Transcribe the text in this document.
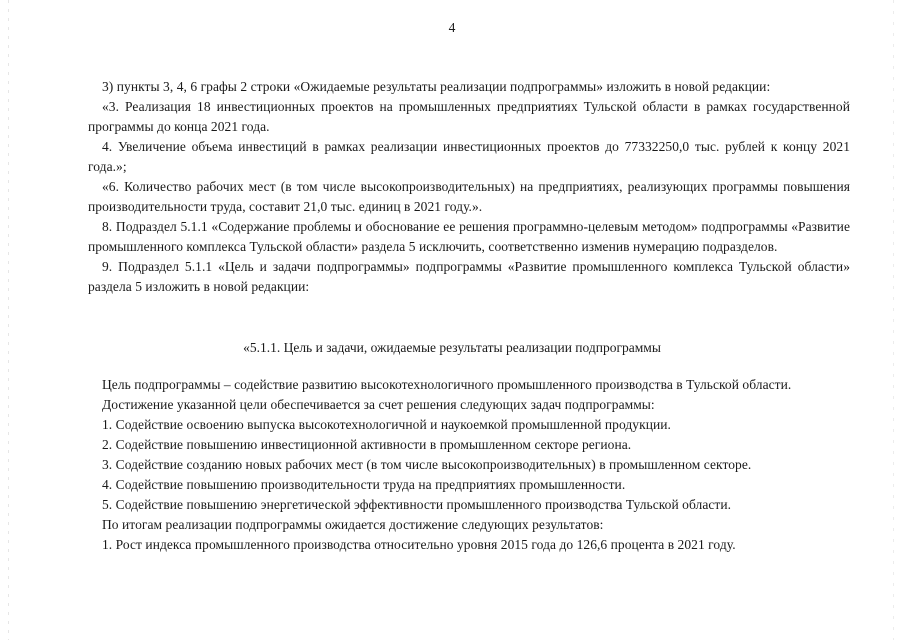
4

3) пункты 3, 4, 6 графы 2 строки «Ожидаемые результаты реализации подпрограммы» изложить в новой редакции:

«3. Реализация 18 инвестиционных проектов на промышленных предприятиях Тульской области в рамках государственной программы до конца 2021 года.

4. Увеличение объема инвестиций в рамках реализации инвестиционных проектов до 77332250,0 тыс. рублей к концу 2021 года.»;

«6. Количество рабочих мест (в том числе высокопроизводительных) на предприятиях, реализующих программы повышения производительности труда, составит 21,0 тыс. единиц в 2021 году.».

8. Подраздел 5.1.1 «Содержание проблемы и обоснование ее решения программно-целевым методом» подпрограммы «Развитие промышленного комплекса Тульской области» раздела 5 исключить, соответственно изменив нумерацию подразделов.

9. Подраздел 5.1.1 «Цель и задачи подпрограммы» подпрограммы «Развитие промышленного комплекса Тульской области» раздела 5 изложить в новой редакции:

«5.1.1. Цель и задачи, ожидаемые результаты реализации подпрограммы

Цель подпрограммы – содействие развитию высокотехнологичного промышленного производства в Тульской области.

Достижение указанной цели обеспечивается за счет решения следующих задач подпрограммы:

1. Содействие освоению выпуска высокотехнологичной и наукоемкой промышленной продукции.

2. Содействие повышению инвестиционной активности в промышленном секторе региона.

3. Содействие созданию новых рабочих мест (в том числе высокопроизводительных) в промышленном секторе.

4. Содействие повышению производительности труда на предприятиях промышленности.

5. Содействие повышению энергетической эффективности промышленного производства Тульской области.

По итогам реализации подпрограммы ожидается достижение следующих результатов:

1. Рост индекса промышленного производства относительно уровня 2015 года до 126,6 процента в 2021 году.
